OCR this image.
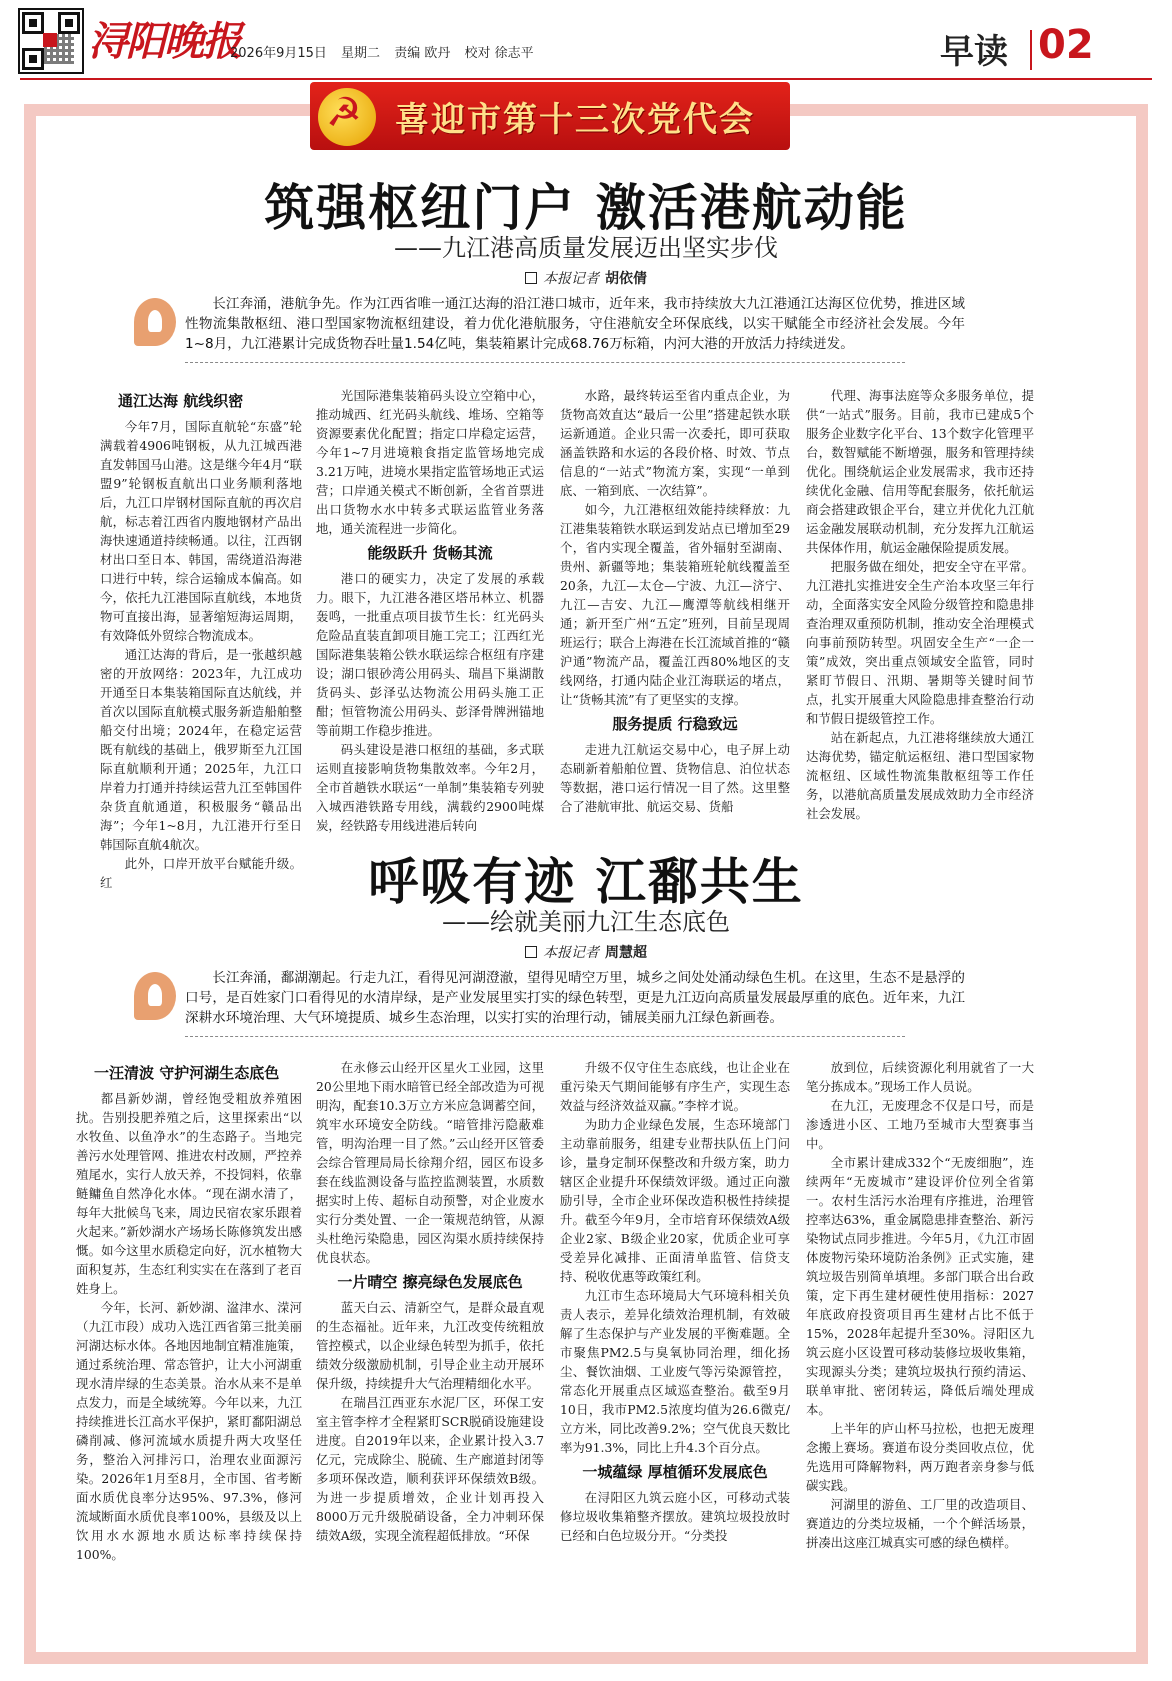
浔阳晚报
2026年9月15日 星期二 责编 欧丹 校对 徐志平	早读 02
☭
喜迎市第十三次党代会
筑强枢纽门户 激活港航动能
——九江港高质量发展迈出坚实步伐
本报记者 胡依倩
长江奔涌，港航争先。作为江西省唯一通江达海的沿江港口城市，近年来，我市持续放大九江港通江达海区位优势，推进区域性物流集散枢纽、港口型国家物流枢纽建设，着力优化港航服务，守住港航安全环保底线，以实干赋能全市经济社会发展。今年1~8月，九江港累计完成货物吞吐量1.54亿吨，集装箱累计完成68.76万标箱，内河大港的开放活力持续迸发。

通江达海 航线织密

今年7月，国际直航轮“东盛”轮满载着4906吨钢板，从九江城西港直发韩国马山港。这是继今年4月“联盟9”轮钢板直航出口业务顺利落地后，九江口岸钢材国际直航的再次启航，标志着江西省内腹地钢材产品出海快速通道持续畅通。以往，江西钢材出口至日本、韩国，需绕道沿海港口进行中转，综合运输成本偏高。如今，依托九江港国际直航线，本地货物可直接出海，显著缩短海运周期，有效降低外贸综合物流成本。

通江达海的背后，是一张越织越密的开放网络：2023年，九江成功开通至日本集装箱国际直达航线，并首次以国际直航模式服务新造船舶整船交付出境；2024年，在稳定运营既有航线的基础上，俄罗斯至九江国际直航顺利开通；2025年，九江口岸着力打通并持续运营九江至韩国件杂货直航通道，积极服务“赣品出海”；今年1~8月，九江港开行至日韩国际直航4航次。

此外，口岸开放平台赋能升级。红

光国际港集装箱码头设立空箱中心，推动城西、红光码头航线、堆场、空箱等资源要素优化配置；指定口岸稳定运营，今年1~7月进境粮食指定监管场地完成3.21万吨，进境水果指定监管场地正式运营；口岸通关模式不断创新，全省首票进出口货物水水中转多式联运监管业务落地，通关流程进一步简化。

能级跃升 货畅其流

港口的硬实力，决定了发展的承载力。眼下，九江港各港区塔吊林立、机器轰鸣，一批重点项目拔节生长：红光码头危险品直装直卸项目施工完工；江西红光国际港集装箱公铁水联运综合枢纽有序建设；湖口银砂湾公用码头、瑞昌下巢湖散货码头、彭泽弘达物流公用码头施工正酣；恒管物流公用码头、彭泽骨牌洲锚地等前期工作稳步推进。

码头建设是港口枢纽的基础，多式联运则直接影响货物集散效率。今年2月，全市首趟铁水联运“一单制”集装箱专列驶入城西港铁路专用线，满载约2900吨煤炭，经铁路专用线进港后转向

水路，最终转运至省内重点企业，为货物高效直达“最后一公里”搭建起铁水联运新通道。企业只需一次委托，即可获取涵盖铁路和水运的各段价格、时效、节点信息的“一站式”物流方案，实现“一单到底、一箱到底、一次结算”。

如今，九江港枢纽效能持续释放：九江港集装箱铁水联运到发站点已增加至29个，省内实现全覆盖，省外辐射至湖南、贵州、新疆等地；集装箱班轮航线覆盖至20条，九江—太仓—宁波、九江—济宁、九江—吉安、九江—鹰潭等航线相继开通；新开至广州“五定”班列，目前呈现周班运行；联合上海港在长江流域首推的“赣沪通”物流产品，覆盖江西80%地区的支线网络，打通内陆企业江海联运的堵点，让“货畅其流”有了更坚实的支撑。

服务提质 行稳致远

走进九江航运交易中心，电子屏上动态刷新着船舶位置、货物信息、泊位状态等数据，港口运行情况一目了然。这里整合了港航审批、航运交易、货船

代理、海事法庭等众多服务单位，提供“一站式”服务。目前，我市已建成5个服务企业数字化平台、13个数字化管理平台，数智赋能不断增强，服务和管理持续优化。围绕航运企业发展需求，我市还持续优化金融、信用等配套服务，依托航运商会搭建政银企平台，建立并优化九江航运金融发展联动机制，充分发挥九江航运共保体作用，航运金融保险提质发展。

把服务做在细处，把安全守在平常。九江港扎实推进安全生产治本攻坚三年行动，全面落实安全风险分级管控和隐患排查治理双重预防机制，推动安全治理模式向事前预防转型。巩固安全生产“一企一策”成效，突出重点领域安全监管，同时紧盯节假日、汛期、暑期等关键时间节点，扎实开展重大风险隐患排查整治行动和节假日提级管控工作。

站在新起点，九江港将继续放大通江达海优势，锚定航运枢纽、港口型国家物流枢纽、区域性物流集散枢纽等工作任务，以港航高质量发展成效助力全市经济社会发展。

呼吸有迹 江鄱共生
——绘就美丽九江生态底色
本报记者 周慧超
长江奔涌，鄱湖潮起。行走九江，看得见河湖澄澈，望得见晴空万里，城乡之间处处涌动绿色生机。在这里，生态不是悬浮的口号，是百姓家门口看得见的水清岸绿，是产业发展里实打实的绿色转型，更是九江迈向高质量发展最厚重的底色。近年来，九江深耕水环境治理、大气环境提质、城乡生态治理，以实打实的治理行动，铺展美丽九江绿色新画卷。

一汪清波 守护河湖生态底色

都昌新妙湖，曾经饱受粗放养殖困扰。告别投肥养殖之后，这里探索出“以水牧鱼、以鱼净水”的生态路子。当地完善污水处理管网、推进农村改厕，严控养殖尾水，实行人放天养，不投饲料，依靠鲢鳙鱼自然净化水体。“现在湖水清了，每年大批候鸟飞来，周边民宿农家乐跟着火起来。”新妙湖水产场场长陈修筑发出感慨。如今这里水质稳定向好，沉水植物大面积复苏，生态红利实实在在落到了老百姓身上。

今年，长河、新妙湖、湓津水、溁河（九江市段）成功入选江西省第三批美丽河湖达标水体。各地因地制宜精准施策，通过系统治理、常态管护，让大小河湖重现水清岸绿的生态美景。治水从来不是单点发力，而是全域统筹。今年以来，九江持续推进长江高水平保护，紧盯鄱阳湖总磷削减、修河流域水质提升两大攻坚任务，整治入河排污口，治理农业面源污染。2026年1月至8月，全市国、省考断面水质优良率分达95%、97.3%，修河流域断面水质优良率100%，县级及以上饮用水水源地水质达标率持续保持100%。

在永修云山经开区星火工业园，这里20公里地下雨水暗管已经全部改造为可视明沟，配套10.3万立方米应急调蓄空间，筑牢水环境安全防线。“暗管排污隐蔽难管，明沟治理一目了然。”云山经开区管委会综合管理局局长徐翔介绍，园区布设多套在线监测设备与监控监测装置，水质数据实时上传、超标自动预警，对企业废水实行分类处置、一企一策规范纳管，从源头杜绝污染隐患，园区沟渠水质持续保持优良状态。

一片晴空 擦亮绿色发展底色

蓝天白云、清新空气，是群众最直观的生态福祉。近年来，九江改变传统粗放管控模式，以企业绿色转型为抓手，依托绩效分级激励机制，引导企业主动开展环保升级，持续提升大气治理精细化水平。

在瑞昌江西亚东水泥厂区，环保工安室主管李梓才全程紧盯SCR脱硝设施建设进度。自2019年以来，企业累计投入3.7亿元，完成除尘、脱硫、生产廊道封闭等多项环保改造，顺利获评环保绩效B级。为进一步提质增效，企业计划再投入8000万元升级脱硝设备，全力冲刺环保绩效A级，实现全流程超低排放。“环保

升级不仅守住生态底线，也让企业在重污染天气期间能够有序生产，实现生态效益与经济效益双赢。”李梓才说。

为助力企业绿色发展，生态环境部门主动靠前服务，组建专业帮扶队伍上门问诊，量身定制环保整改和升级方案，助力辖区企业提升环保绩效评级。通过正向激励引导，全市企业环保改造积极性持续提升。截至今年9月，全市培育环保绩效A级企业2家、B级企业20家，优质企业可享受差异化减排、正面清单监管、信贷支持、税收优惠等政策红利。

九江市生态环境局大气环境科相关负责人表示，差异化绩效治理机制，有效破解了生态保护与产业发展的平衡难题。全市聚焦PM2.5与臭氧协同治理，细化扬尘、餐饮油烟、工业废气等污染源管控，常态化开展重点区域巡查整治。截至9月10日，我市PM2.5浓度均值为26.6微克/立方米，同比改善9.2%；空气优良天数比率为91.3%，同比上升4.3个百分点。

一城蕴绿 厚植循环发展底色

在浔阳区九筑云庭小区，可移动式装修垃圾收集箱整齐摆放。建筑垃圾投放时已经和白色垃圾分开。“分类投

放到位，后续资源化利用就省了一大笔分拣成本。”现场工作人员说。

在九江，无废理念不仅是口号，而是渗透进小区、工地乃至城市大型赛事当中。

全市累计建成332个“无废细胞”，连续两年“无废城市”建设评价位列全省第一。农村生活污水治理有序推进，治理管控率达63%，重金属隐患排查整治、新污染物试点同步推进。今年5月，《九江市固体废物污染环境防治条例》正式实施，建筑垃圾告别简单填埋。多部门联合出台政策，定下再生建材硬性使用指标：2027年底政府投资项目再生建材占比不低于15%，2028年起提升至30%。浔阳区九筑云庭小区设置可移动装修垃圾收集箱，实现源头分类；建筑垃圾执行预约清运、联单审批、密闭转运，降低后端处理成本。

上半年的庐山杯马拉松，也把无废理念搬上赛场。赛道布设分类回收点位，优先选用可降解物料，两万跑者亲身参与低碳实践。

河湖里的游鱼、工厂里的改造项目、赛道边的分类垃圾桶，一个个鲜活场景，拼凑出这座江城真实可感的绿色横样。
